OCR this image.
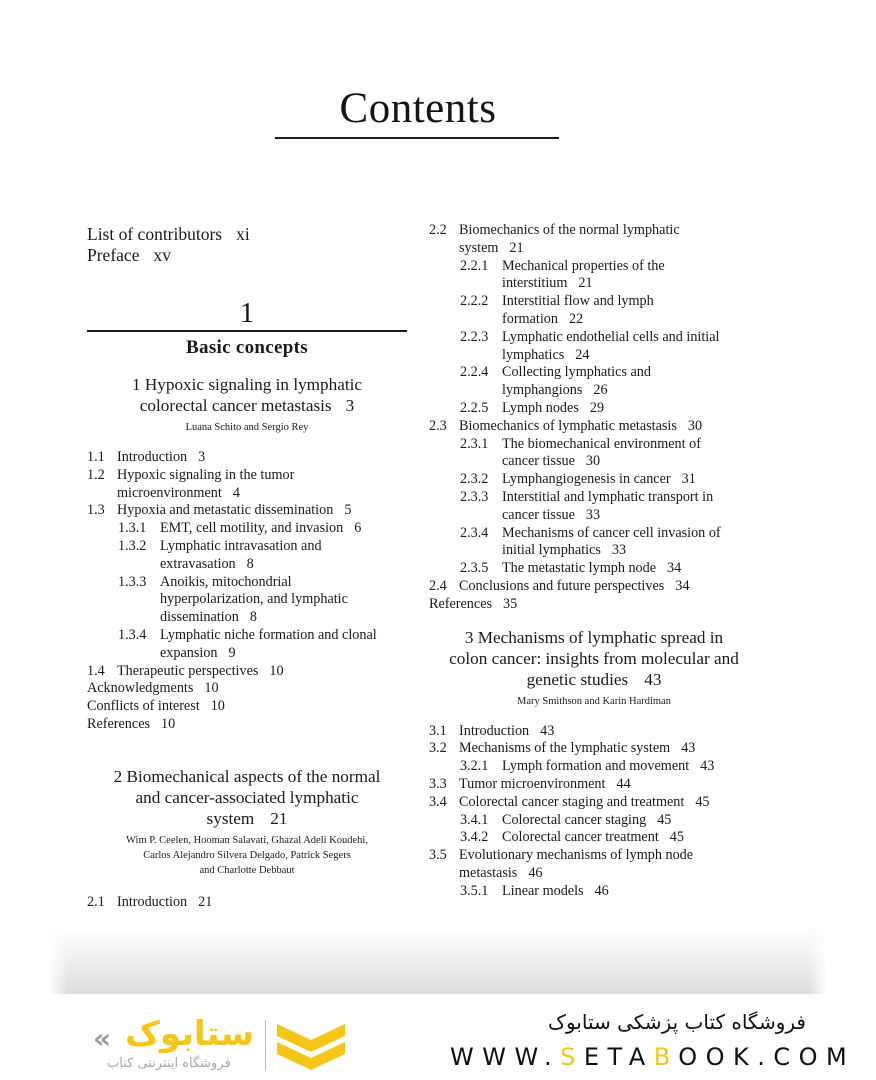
Contents
List of contributors xi
Preface xv
1
Basic concepts
1 Hypoxic signaling in lymphatic
colorectal cancer metastasis 3
Luana Schito and Sergio Rey
1.1 Introduction 3
1.2 Hypoxic signaling in the tumor
microenvironment 4
1.3 Hypoxia and metastatic dissemination 5
1.3.1 EMT, cell motility, and invasion 6
1.3.2 Lymphatic intravasation and
extravasation 8
1.3.3 Anoikis, mitochondrial
hyperpolarization, and lymphatic
dissemination 8
1.3.4 Lymphatic niche formation and clonal
expansion 9
1.4 Therapeutic perspectives 10
Acknowledgments 10
Conflicts of interest 10
References 10
2 Biomechanical aspects of the normal
and cancer-associated lymphatic
system 21
Wim P. Ceelen, Hooman Salavati, Ghazal Adeli Koudehi,
Carlos Alejandro Silvera Delgado, Patrick Segers
and Charlotte Debbaut
2.1 Introduction 21
2.2 Biomechanics of the normal lymphatic
system 21
2.2.1 Mechanical properties of the
interstitium 21
2.2.2 Interstitial flow and lymph
formation 22
2.2.3 Lymphatic endothelial cells and initial
lymphatics 24
2.2.4 Collecting lymphatics and
lymphangions 26
2.2.5 Lymph nodes 29
2.3 Biomechanics of lymphatic metastasis 30
2.3.1 The biomechanical environment of
cancer tissue 30
2.3.2 Lymphangiogenesis in cancer 31
2.3.3 Interstitial and lymphatic transport in
cancer tissue 33
2.3.4 Mechanisms of cancer cell invasion of
initial lymphatics 33
2.3.5 The metastatic lymph node 34
2.4 Conclusions and future perspectives 34
References 35
3 Mechanisms of lymphatic spread in
colon cancer: insights from molecular and
genetic studies 43
Mary Smithson and Karin Hardiman
3.1 Introduction 43
3.2 Mechanisms of the lymphatic system 43
3.2.1 Lymph formation and movement 43
3.3 Tumor microenvironment 44
3.4 Colorectal cancer staging and treatment 45
3.4.1 Colorectal cancer staging 45
3.4.2 Colorectal cancer treatment 45
3.5 Evolutionary mechanisms of lymph node
metastasis 46
3.5.1 Linear models 46
« ستابوک
فروشگاه اینترنتی کتاب
فروشگاه کتاب پزشکی ستابوک
WWW.SETABOOK.COM
